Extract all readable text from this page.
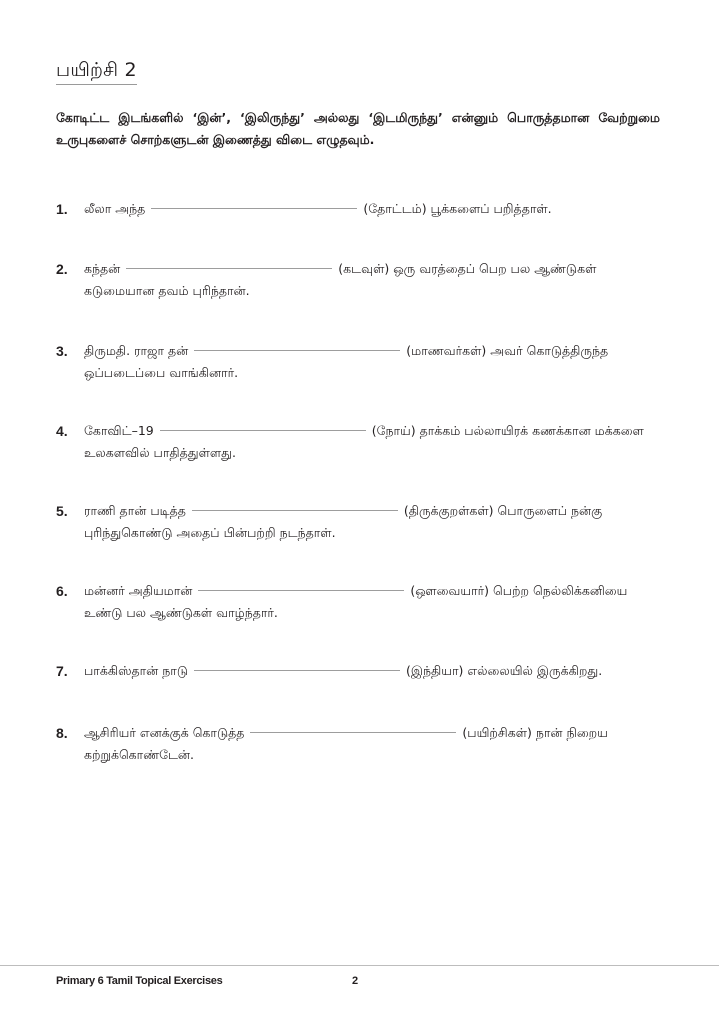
பயிற்சி 2
கோடிட்ட இடங்களில் ‘இன்’, ‘இலிருந்து’ அல்லது ‘இடமிருந்து’ என்னும் பொருத்தமான வேற்றுமை உருபுகளைச் சொற்களுடன் இணைத்து விடை எழுதவும்.
1. லீலா அந்த	(தோட்டம்) பூக்களைப் பறித்தாள்.
2. கந்தன்	(கடவுள்) ஒரு வரத்தைப் பெற பல ஆண்டுகள் கடுமையான தவம் புரிந்தான்.
3. திருமதி. ராஜா தன்	(மாணவர்கள்) அவர் கொடுத்திருந்த ஒப்படைப்பை வாங்கினார்.
4. கோவிட்–19	(நோய்) தாக்கம் பல்லாயிரக் கணக்கான மக்களை உலகளவில் பாதித்துள்ளது.
5. ராணி தான் படித்த	(திருக்குறள்கள்) பொருளைப் நன்கு புரிந்துகொண்டு அதைப் பின்பற்றி நடந்தாள்.
6. மன்னர் அதியமான்	(ஔவையார்) பெற்ற நெல்லிக்கனியை உண்டு பல ஆண்டுகள் வாழ்ந்தார்.
7. பாக்கிஸ்தான் நாடு	(இந்தியா) எல்லையில் இருக்கிறது.
8. ஆசிரியர் எனக்குக் கொடுத்த	(பயிற்சிகள்) நான் நிறைய கற்றுக்கொண்டேன்.
Primary 6 Tamil Topical Exercises	2
